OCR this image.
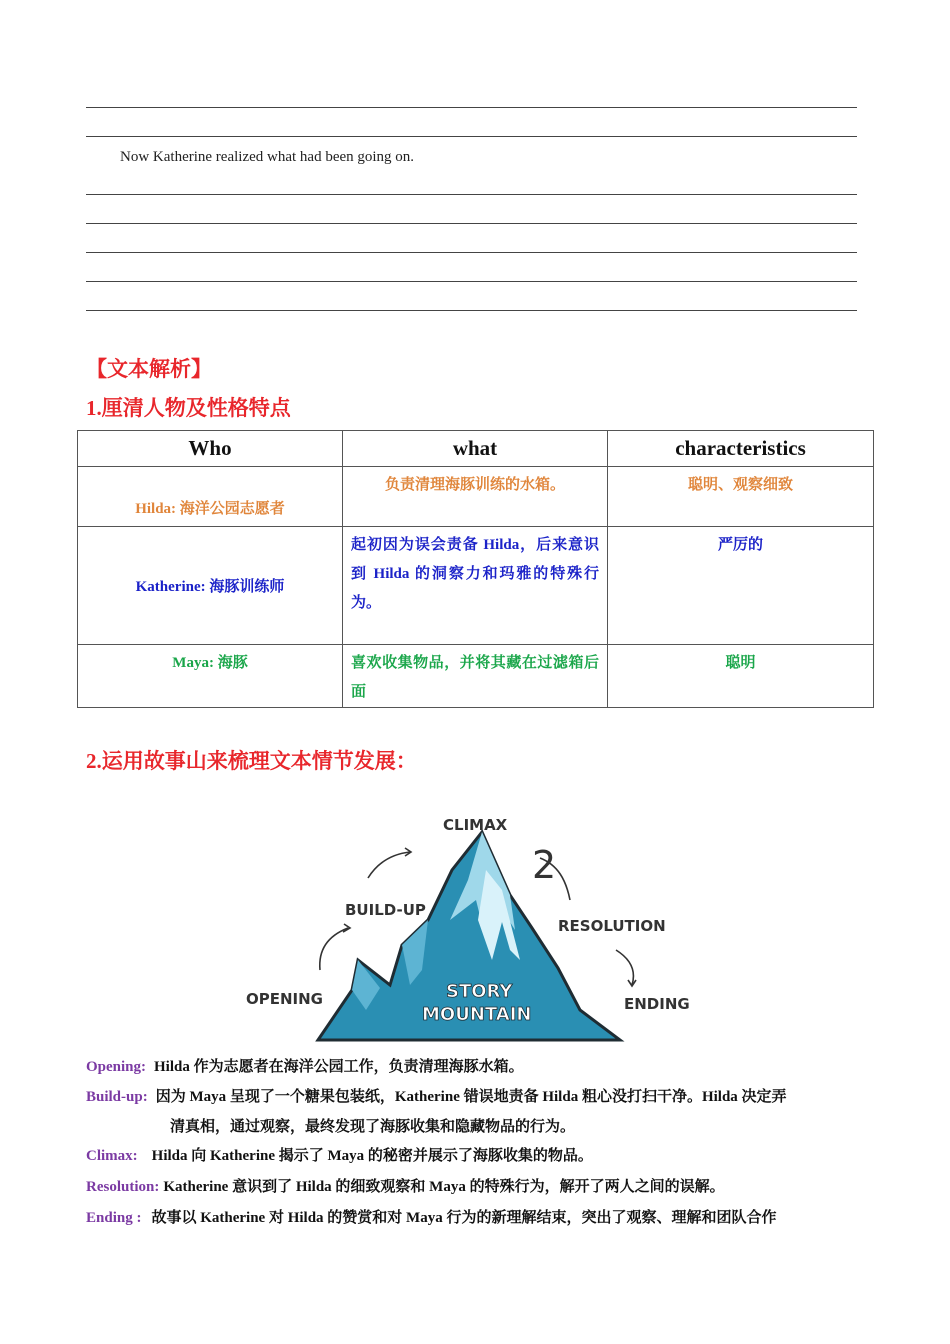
Now Katherine realized what had been going on.
【文本解析】
1.厘清人物及性格特点
Who	what	characteristics
Hilda: 海洋公园志愿者	负责清理海豚训练的水箱。	聪明、观察细致
Katherine: 海豚训练师	起初因为误会责备 Hilda，后来意识到 Hilda 的洞察力和玛雅的特殊行为。	严厉的
Maya: 海豚	喜欢收集物品，并将其藏在过滤箱后面	聪明
2.运用故事山来梳理文本情节发展：
CLIMAX
2
BUILD-UP
RESOLUTION
OPENING	ENDING
STORY
MOUNTAIN
Opening: Hilda 作为志愿者在海洋公园工作，负责清理海豚水箱。
Build-up: 因为 Maya 呈现了一个糖果包装纸，Katherine 错误地责备 Hilda 粗心没打扫干净。Hilda 决定弄
清真相，通过观察，最终发现了海豚收集和隐藏物品的行为。
Climax: Hilda 向 Katherine 揭示了 Maya 的秘密并展示了海豚收集的物品。
Resolution: Katherine 意识到了 Hilda 的细致观察和 Maya 的特殊行为，解开了两人之间的误解。
Ending : 故事以 Katherine 对 Hilda 的赞赏和对 Maya 行为的新理解结束，突出了观察、理解和团队合作
